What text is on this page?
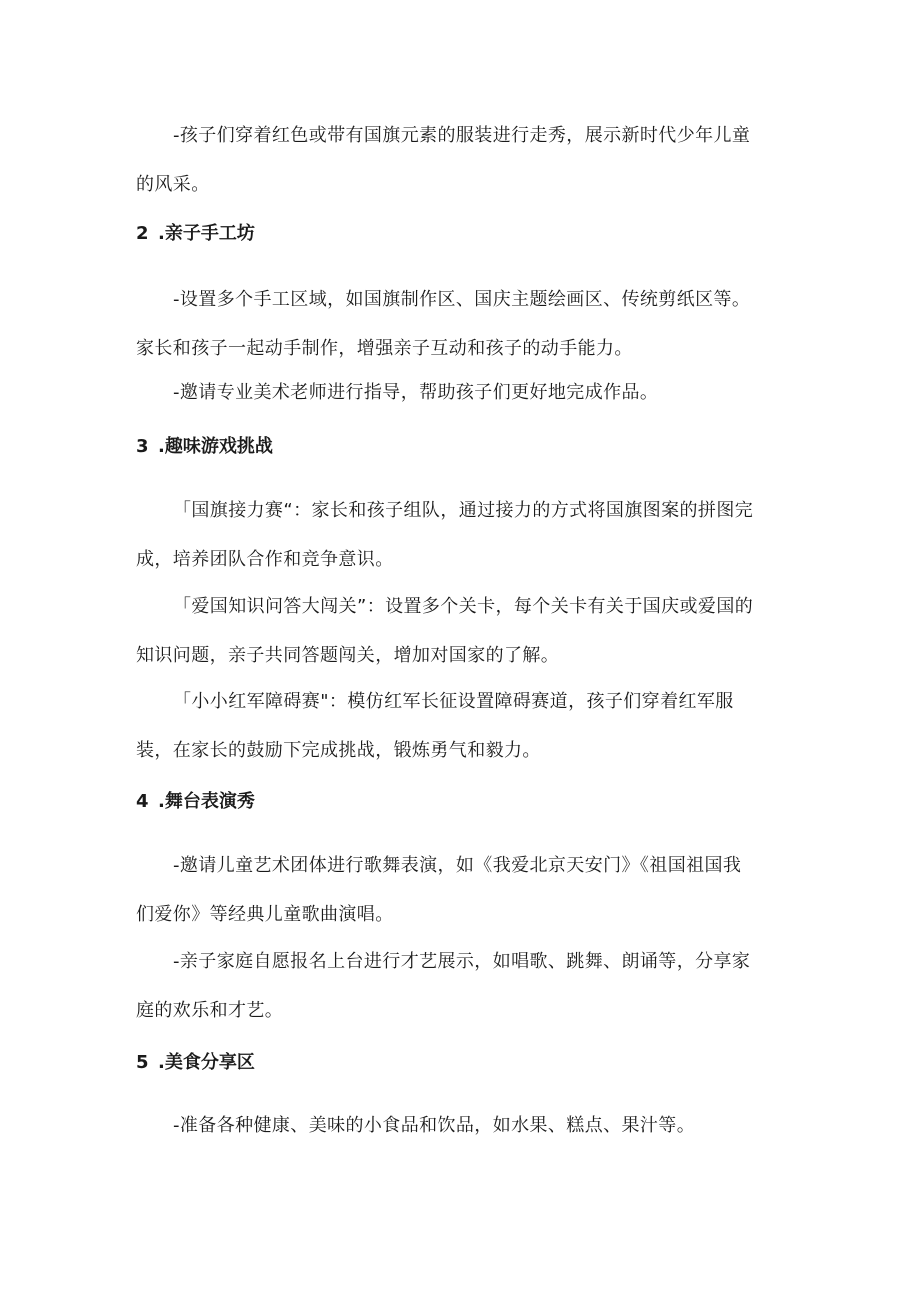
-孩子们穿着红色或带有国旗元素的服装进行走秀，展示新时代少年儿童
的风采。

2 .亲子手工坊

-设置多个手工区域，如国旗制作区、国庆主题绘画区、传统剪纸区等。
家长和孩子一起动手制作，增强亲子互动和孩子的动手能力。

-邀请专业美术老师进行指导，帮助孩子们更好地完成作品。

3 .趣味游戏挑战

「国旗接力赛“：家长和孩子组队，通过接力的方式将国旗图案的拼图完
成，培养团队合作和竞争意识。

「爱国知识问答大闯关”：设置多个关卡，每个关卡有关于国庆或爱国的
知识问题，亲子共同答题闯关，增加对国家的了解。

「小小红军障碍赛"：模仿红军长征设置障碍赛道，孩子们穿着红军服
装，在家长的鼓励下完成挑战，锻炼勇气和毅力。

4 .舞台表演秀

-邀请儿童艺术团体进行歌舞表演，如《我爱北京天安门》《祖国祖国我
们爱你》等经典儿童歌曲演唱。

-亲子家庭自愿报名上台进行才艺展示，如唱歌、跳舞、朗诵等，分享家
庭的欢乐和才艺。

5 .美食分享区

-准备各种健康、美味的小食品和饮品，如水果、糕点、果汁等。
